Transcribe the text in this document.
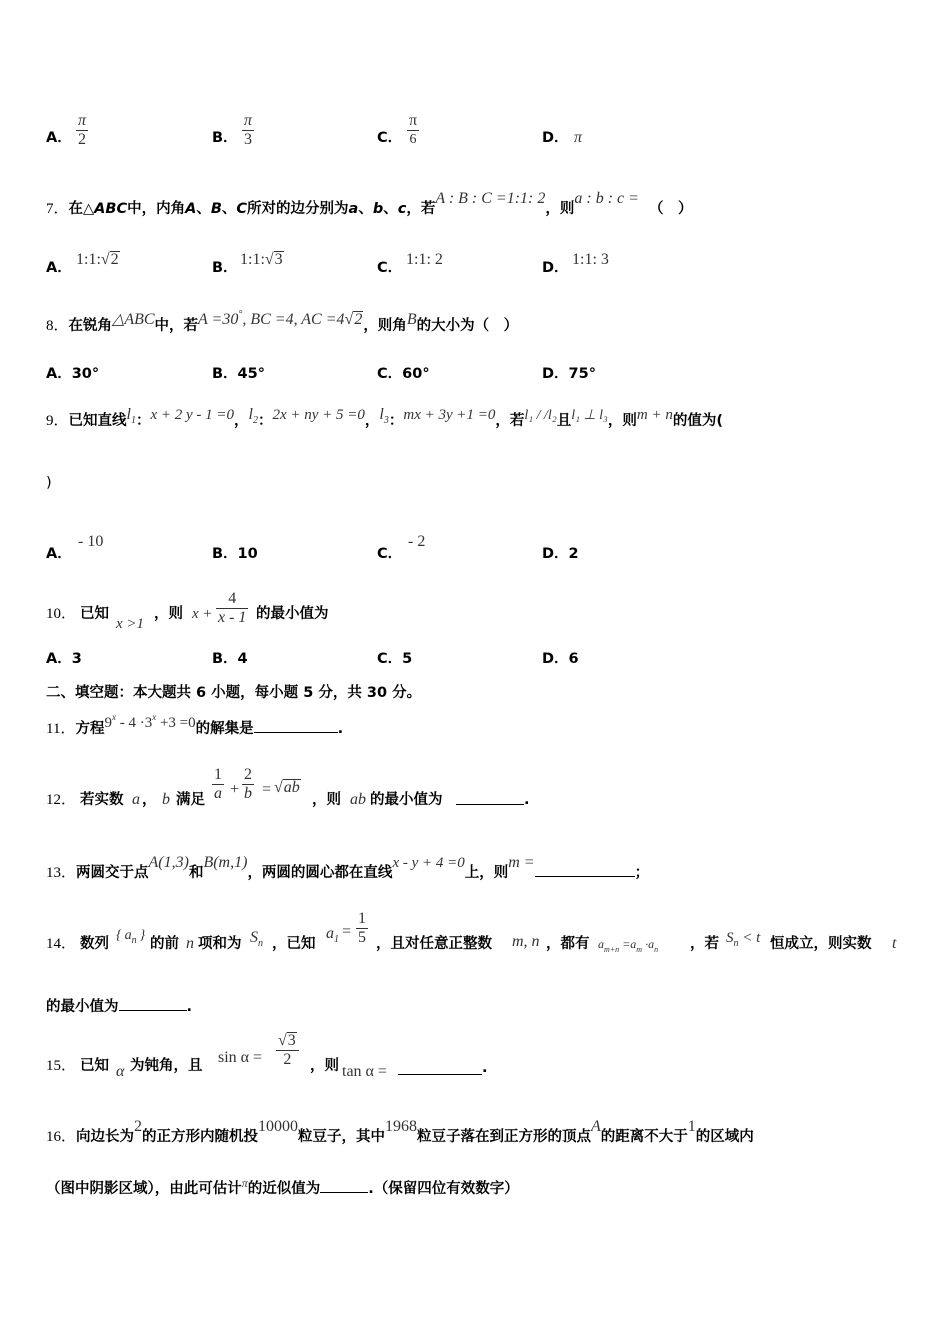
A． $\frac{\pi}{2}$	B． $\frac{\pi}{3}$	C． $\frac{\pi}{6}$	D． π
7．在△ABC中，内角A、B、C所对的边分别为a、b、c，若A : B : C =1:1: 2，则a : b : c =（　）
A． 1:1:√2	B． 1:1:√3	C． 1:1: 2	D． 1:1: 3
8．在锐角△ABC中，若A =30°, BC =4, AC =4√2，则角B的大小为（　）
A．30°	B．45°	C．60°	D．75°
9．已知直线$l_1$：x + 2 y - 1 =0，$l_2$：2x + ny + 5 =0，$l_3$：mx + 3y +1 =0，若l₁ / /l₂且l₁ ⊥ l₃，则m + n的值为(
)
A．
- 10
B．10	C．
- 2
D．2
10． 已知
x >1
，则 $x + \frac{4}{x - 1}$ 的最小值为
A．3	B．4	C．5	D．6
二、填空题：本大题共 6 小题，每小题 5 分，共 30 分。
11．方程$9^x - 4 \cdot 3^x +3 =0$的解集是	.
12． 若实数 a ， b 满足 $\frac{1}{a} + \frac{2}{b} = √ab$
，则 ab 的最小值为	.
13．两圆交于点A(1,3)和B(m,1)，两圆的圆心都在直线x - y + 4 =0上，则m =；
14． 数列
{ $a_n$ }
的前 n 项和为 $S_n$ ，已知
$a_1 = \frac{1}{5}$ ，且对任意正整数 m, n ，都有 $a_{m+n} =a_m \cdot a_n$ ，若 $S_n < t$ 恒成立，则实数 t
的最小值为	.
15． 已知 α 为钝角，且 $\sin \alpha = \frac{√3}{2}$ ，则 tan α =	.
16．向边长为2的正方形内随机投10000粒豆子，其中1968粒豆子落在到正方形的顶点A的距离不大于1的区域内
（图中阴影区域），由此可估计$^\pi$的近似值为	.（保留四位有效数字）
